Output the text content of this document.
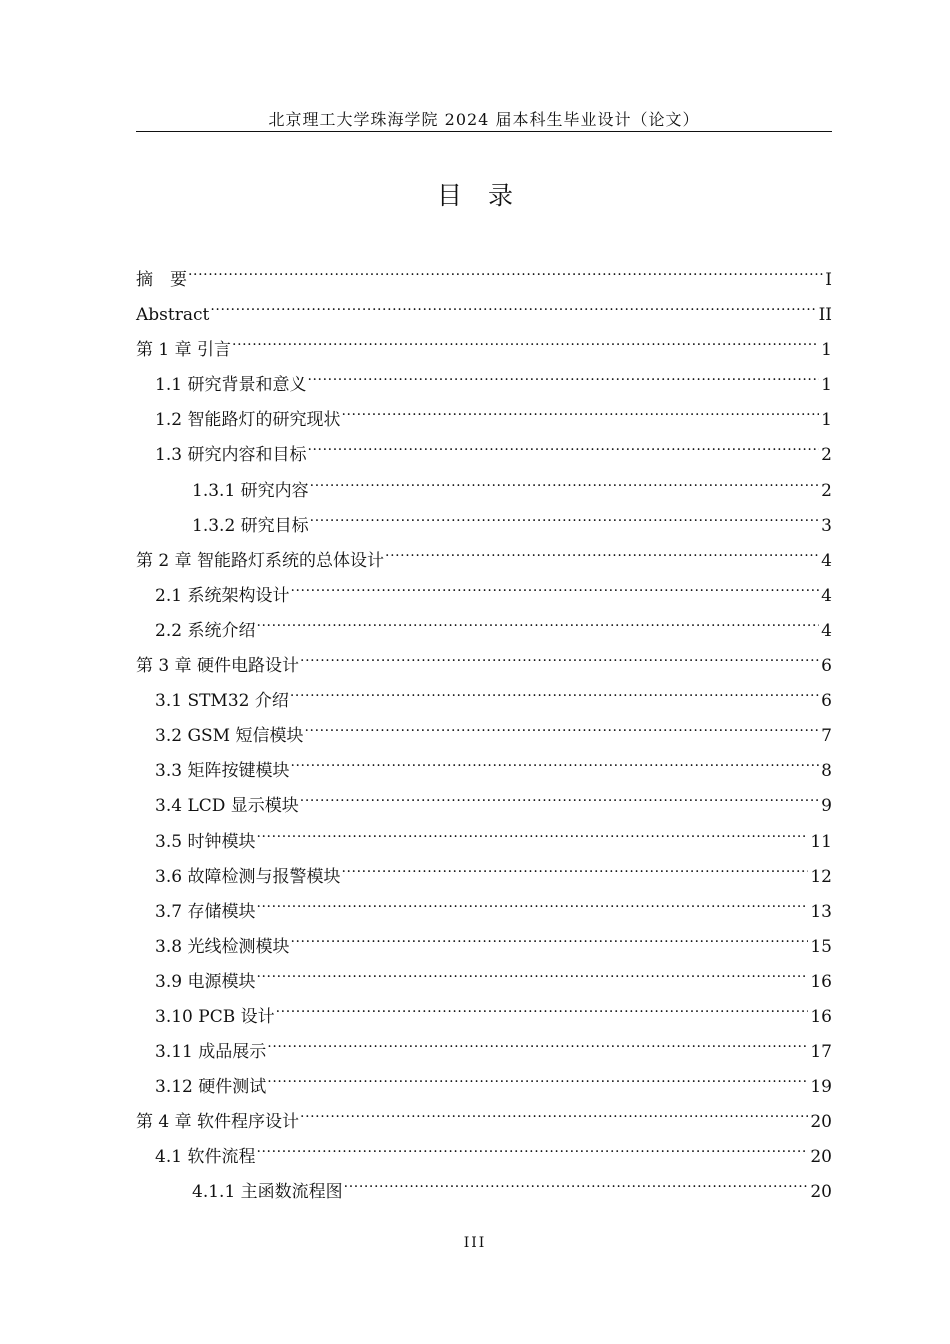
北京理工大学珠海学院 2024 届本科生毕业设计（论文）
目录
摘　要 .....	I
Abstract .....	II
第 1 章 引言 .....	1
1.1 研究背景和意义 .....	1
1.2 智能路灯的研究现状 .....	1
1.3 研究内容和目标 .....	2
1.3.1 研究内容 .....	2
1.3.2 研究目标 .....	3
第 2 章 智能路灯系统的总体设计 .....	4
2.1 系统架构设计 .....	4
2.2 系统介绍 .....	4
第 3 章 硬件电路设计 .....	6
3.1 STM32 介绍 .....	6
3.2 GSM 短信模块 .....	7
3.3 矩阵按键模块 .....	8
3.4 LCD 显示模块 .....	9
3.5 时钟模块 .....	11
3.6 故障检测与报警模块 .....	12
3.7 存储模块 .....	13
3.8 光线检测模块 .....	15
3.9 电源模块 .....	16
3.10 PCB 设计 .....	16
3.11 成品展示 .....	17
3.12 硬件测试 .....	19
第 4 章 软件程序设计 .....	20
4.1 软件流程 .....	20
4.1.1 主函数流程图 .....	20
III
